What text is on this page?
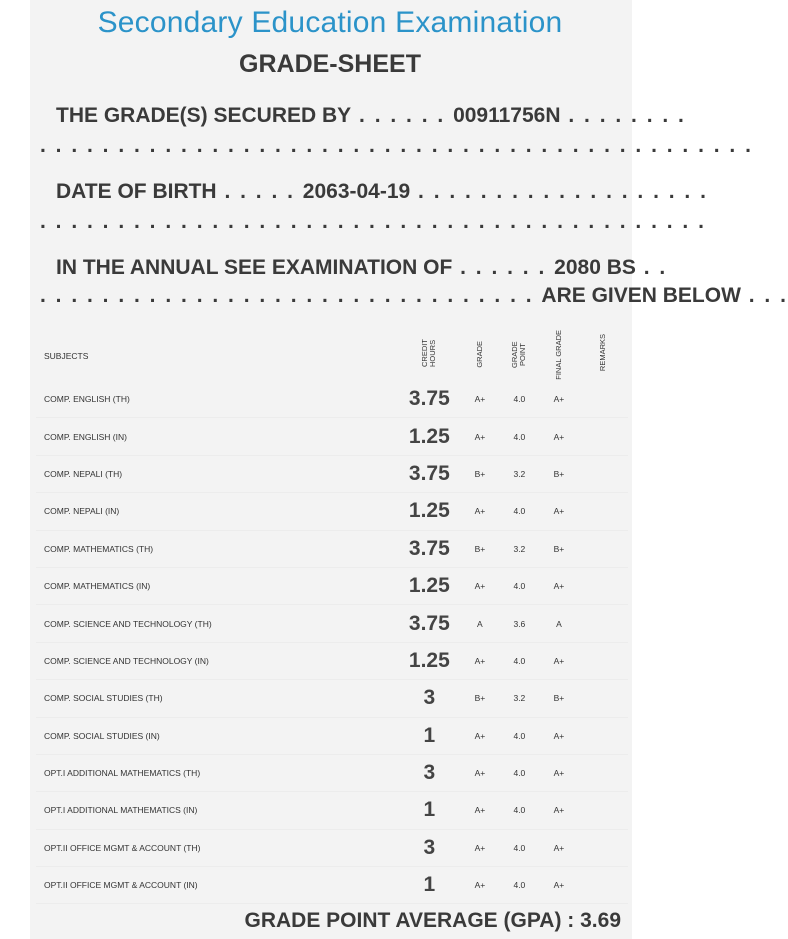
Secondary Education Examination
GRADE-SHEET
THE GRADE(S) SECURED BY . . . . . . 00911756N . . . . . . . .
. . . . . . . . . . . . . . . . . . . . . . . . . . . . . . . . . . . . . . . . . . . . . .
DATE OF BIRTH . . . . . 2063-04-19 . . . . . . . . . . . . . . . . . . .
. . . . . . . . . . . . . . . . . . . . . . . . . . . . . . . . . . . . . . . . . . .
IN THE ANNUAL SEE EXAMINATION OF . . . . . . 2080 BS . .
. . . . . . . . . . . . . . . . . . . . . . . . . . . . . . . . ARE GIVEN BELOW . . .
SUBJECTS	CREDIT HOURS	GRADE	GRADE POINT	FINAL GRADE	REMARKS
COMP. ENGLISH (TH)	3.75	A+	4.0	A+	
COMP. ENGLISH (IN)	1.25	A+	4.0	A+	
COMP. NEPALI (TH)	3.75	B+	3.2	B+	
COMP. NEPALI (IN)	1.25	A+	4.0	A+	
COMP. MATHEMATICS (TH)	3.75	B+	3.2	B+	
COMP. MATHEMATICS (IN)	1.25	A+	4.0	A+	
COMP. SCIENCE AND TECHNOLOGY (TH)	3.75	A	3.6	A	
COMP. SCIENCE AND TECHNOLOGY (IN)	1.25	A+	4.0	A+	
COMP. SOCIAL STUDIES (TH)	3	B+	3.2	B+	
COMP. SOCIAL STUDIES (IN)	1	A+	4.0	A+	
OPT.I ADDITIONAL MATHEMATICS (TH)	3	A+	4.0	A+	
OPT.I ADDITIONAL MATHEMATICS (IN)	1	A+	4.0	A+	
OPT.II OFFICE MGMT & ACCOUNT (TH)	3	A+	4.0	A+	
OPT.II OFFICE MGMT & ACCOUNT (IN)	1	A+	4.0	A+	
GRADE POINT AVERAGE (GPA) : 3.69
